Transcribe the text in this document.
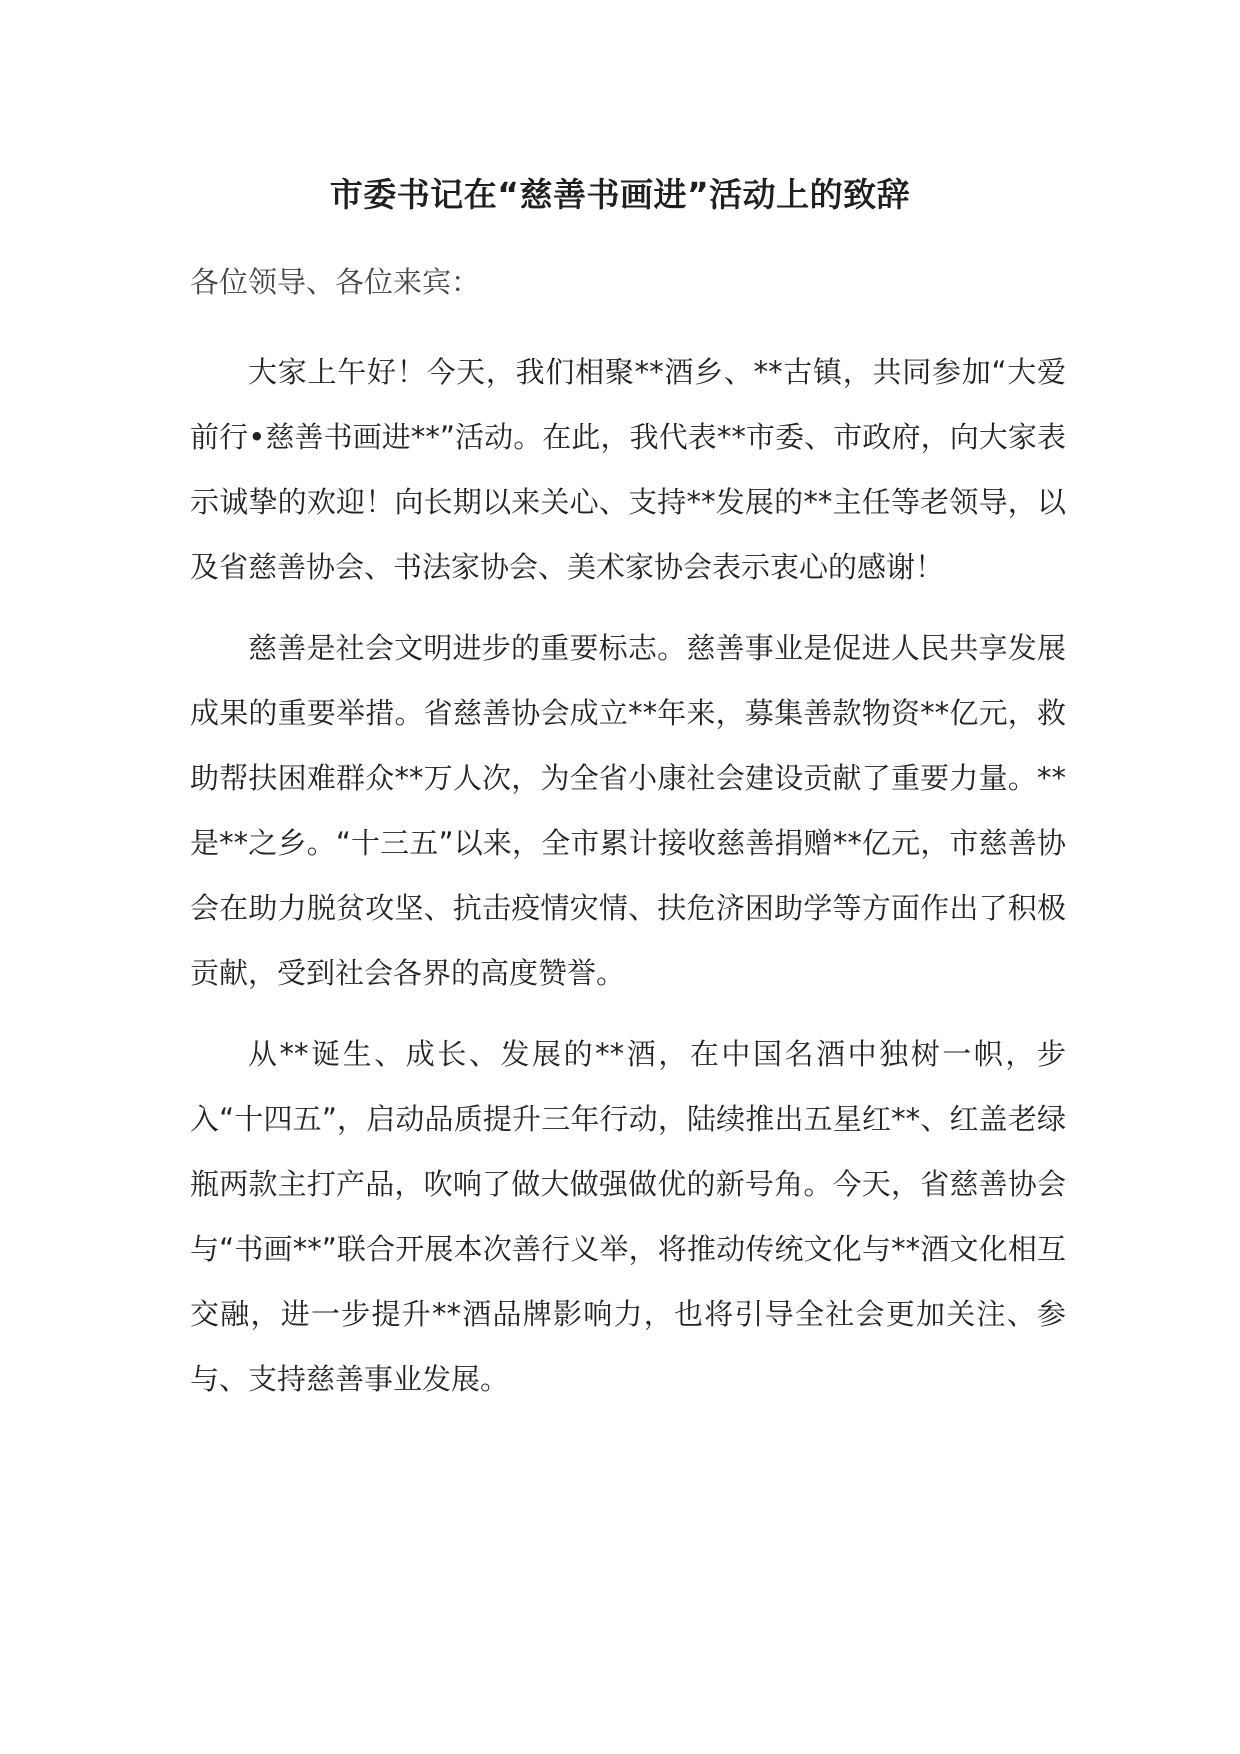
市委书记在“慈善书画进”活动上的致辞

各位领导、各位来宾：

大家上午好！今天，我们相聚**酒乡、**古镇，共同参加“大爱前行•慈善书画进**”活动。在此，我代表**市委、市政府，向大家表示诚挚的欢迎！向长期以来关心、支持**发展的**主任等老领导，以及省慈善协会、书法家协会、美术家协会表示衷心的感谢！

慈善是社会文明进步的重要标志。慈善事业是促进人民共享发展成果的重要举措。省慈善协会成立**年来，募集善款物资**亿元，救助帮扶困难群众**万人次，为全省小康社会建设贡献了重要力量。**是**之乡。“十三五”以来，全市累计接收慈善捐赠**亿元，市慈善协会在助力脱贫攻坚、抗击疫情灾情、扶危济困助学等方面作出了积极贡献，受到社会各界的高度赞誉。

从**诞生、成长、发展的**酒，在中国名酒中独树一帜，步入“十四五”，启动品质提升三年行动，陆续推出五星红**、红盖老绿瓶两款主打产品，吹响了做大做强做优的新号角。今天，省慈善协会与“书画**”联合开展本次善行义举，将推动传统文化与**酒文化相互交融，进一步提升**酒品牌影响力，也将引导全社会更加关注、参与、支持慈善事业发展。
